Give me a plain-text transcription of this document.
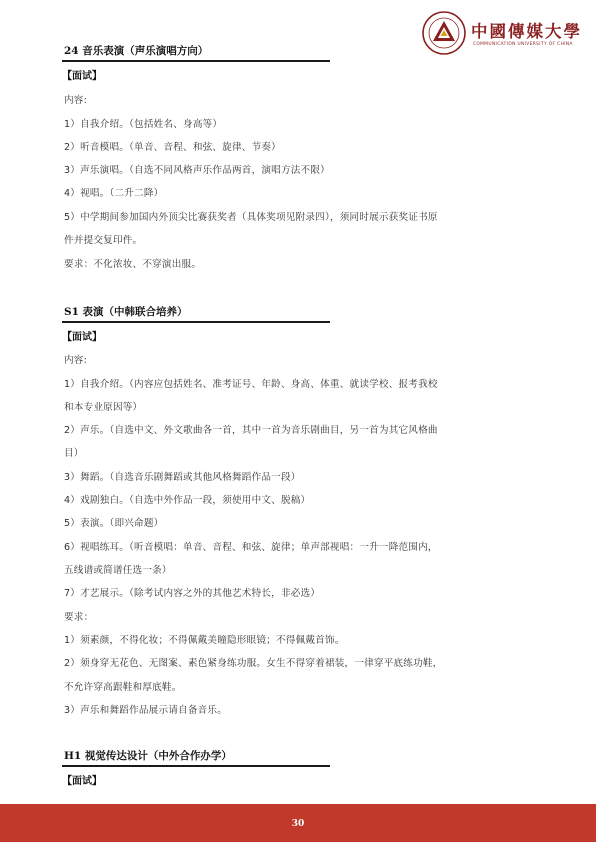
中國傳媒大學
COMMUNICATION UNIVERSITY OF CHINA
24 音乐表演（声乐演唱方向）
【面试】
内容:
1）自我介绍。（包括姓名、身高等）
2）听音模唱。（单音、音程、和弦、旋律、节奏）
3）声乐演唱。（自选不同风格声乐作品两首，演唱方法不限）
4）视唱。（二升二降）
5）中学期间参加国内外顶尖比赛获奖者（具体奖项见附录四），须同时展示获奖证书原
件并提交复印件。
要求：不化浓妆、不穿演出服。
S1 表演（中韩联合培养）
【面试】
内容:
1）自我介绍。（内容应包括姓名、准考证号、年龄、身高、体重、就读学校、报考我校
和本专业原因等）
2）声乐。（自选中文、外文歌曲各一首，其中一首为音乐剧曲目，另一首为其它风格曲
目）
3）舞蹈。（自选音乐剧舞蹈或其他风格舞蹈作品一段）
4）戏剧独白。（自选中外作品一段，须使用中文、脱稿）
5）表演。（即兴命题）
6）视唱练耳。（听音模唱：单音、音程、和弦、旋律；单声部视唱：一升一降范围内，
五线谱或简谱任选一条）
7）才艺展示。（除考试内容之外的其他艺术特长，非必选）
要求：
1）须素颜，不得化妆；不得佩戴美瞳隐形眼镜；不得佩戴首饰。
2）须身穿无花色、无图案、素色紧身练功服。女生不得穿着裙装，一律穿平底练功鞋，
不允许穿高跟鞋和厚底鞋。
3）声乐和舞蹈作品展示请自备音乐。
H1 视觉传达设计（中外合作办学）
【面试】
30
